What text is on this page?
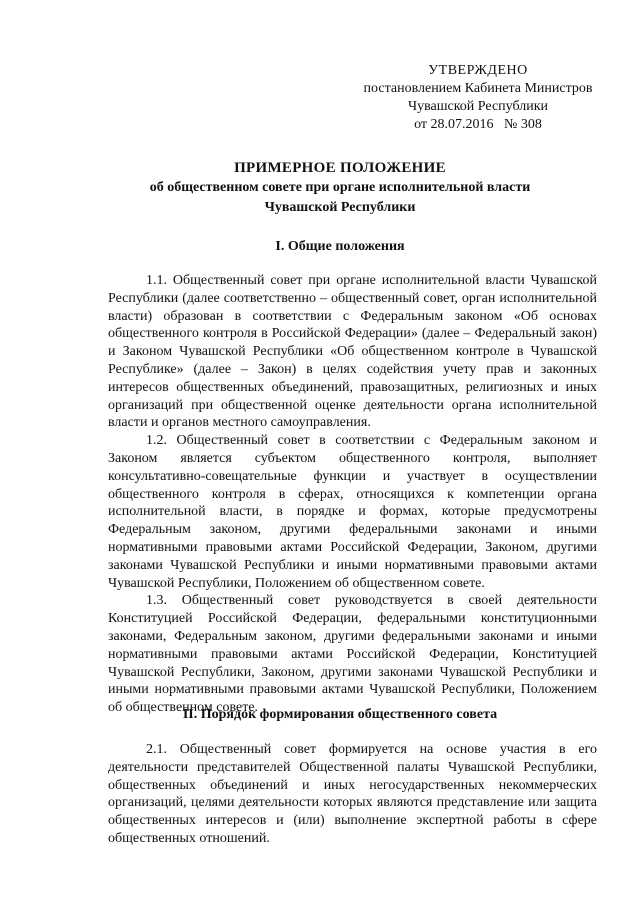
УТВЕРЖДЕНО
постановлением Кабинета Министров
Чувашской Республики
от 28.07.2016   № 308
ПРИМЕРНОЕ ПОЛОЖЕНИЕ
об общественном совете при органе исполнительной власти
Чувашской Республики
I. Общие положения

1.1. Общественный совет при органе исполнительной власти Чувашской Республики (далее соответственно – общественный совет, орган исполнительной власти) образован в соответствии с Федеральным законом «Об основах общественного контроля в Российской Федерации» (далее – Федеральный закон) и Законом Чувашской Республики «Об общественном контроле в Чувашской Республике» (далее – Закон) в целях содействия учету прав и законных интересов общественных объединений, правозащитных, религиозных и иных организаций при общественной оценке деятельности органа исполнительной власти и органов местного самоуправления.

1.2. Общественный совет в соответствии с Федеральным законом и Законом является субъектом общественного контроля, выполняет консультативно-совещательные функции и участвует в осуществлении общественного контроля в сферах, относящихся к компетенции органа исполнительной власти, в порядке и формах, которые предусмотрены Федеральным законом, другими федеральными законами и иными нормативными правовыми актами Российской Федерации, Законом, другими законами Чувашской Республики и иными нормативными правовыми актами Чувашской Республики, Положением об общественном совете.

1.3. Общественный совет руководствуется в своей деятельности Конституцией Российской Федерации, федеральными конституционными законами, Федеральным законом, другими федеральными законами и иными нормативными правовыми актами Российской Федерации, Конституцией Чувашской Республики, Законом, другими законами Чувашской Республики и иными нормативными правовыми актами Чувашской Республики, Положением об общественном совете.

II. Порядок формирования общественного совета

2.1. Общественный совет формируется на основе участия в его деятельности представителей Общественной палаты Чувашской Республики, общественных объединений и иных негосударственных некоммерческих организаций, целями деятельности которых являются представление или защита общественных интересов и (или) выполнение экспертной работы в сфере общественных отношений.
